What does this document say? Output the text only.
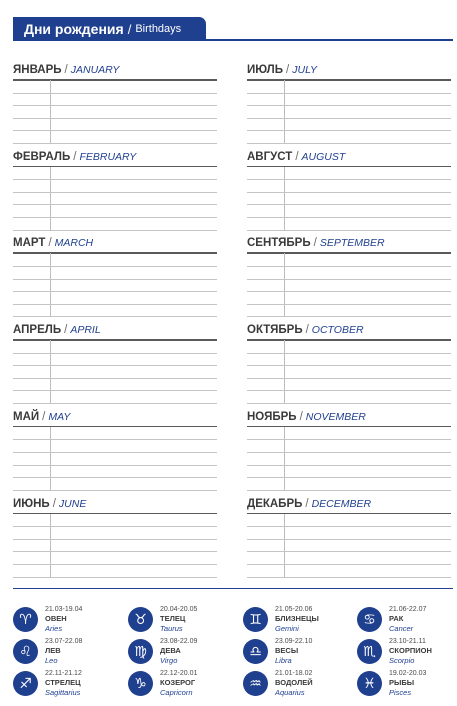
Дни рождения / Birthdays
ЯНВАРЬ / JANUARY
ФЕВРАЛЬ / FEBRUARY
МАРТ / MARCH
АПРЕЛЬ / APRIL
МАЙ / MAY
ИЮНЬ / JUNE
ИЮЛЬ / JULY
АВГУСТ / AUGUST
СЕНТЯБРЬ / SEPTEMBER
ОКТЯБРЬ / OCTOBER
НОЯБРЬ / NOVEMBER
ДЕКАБРЬ / DECEMBER
♈︎
21.03-19.04
ОВЕН
Aries
♉︎
20.04-20.05
ТЕЛЕЦ
Taurus
♊︎
21.05-20.06
БЛИЗНЕЦЫ
Gemini
♋︎
21.06-22.07
РАК
Cancer
♌︎
23.07-22.08
ЛЕВ
Leo
♍︎
23.08-22.09
ДЕВА
Virgo
♎︎
23.09-22.10
ВЕСЫ
Libra
♏︎
23.10-21.11
СКОРПИОН
Scorpio
♐︎
22.11-21.12
СТРЕЛЕЦ
Sagittarius
♑︎
22.12-20.01
КОЗЕРОГ
Capricorn
♒︎
21.01-18.02
ВОДОЛЕЙ
Aquarius
♓︎
19.02-20.03
РЫБЫ
Pisces
